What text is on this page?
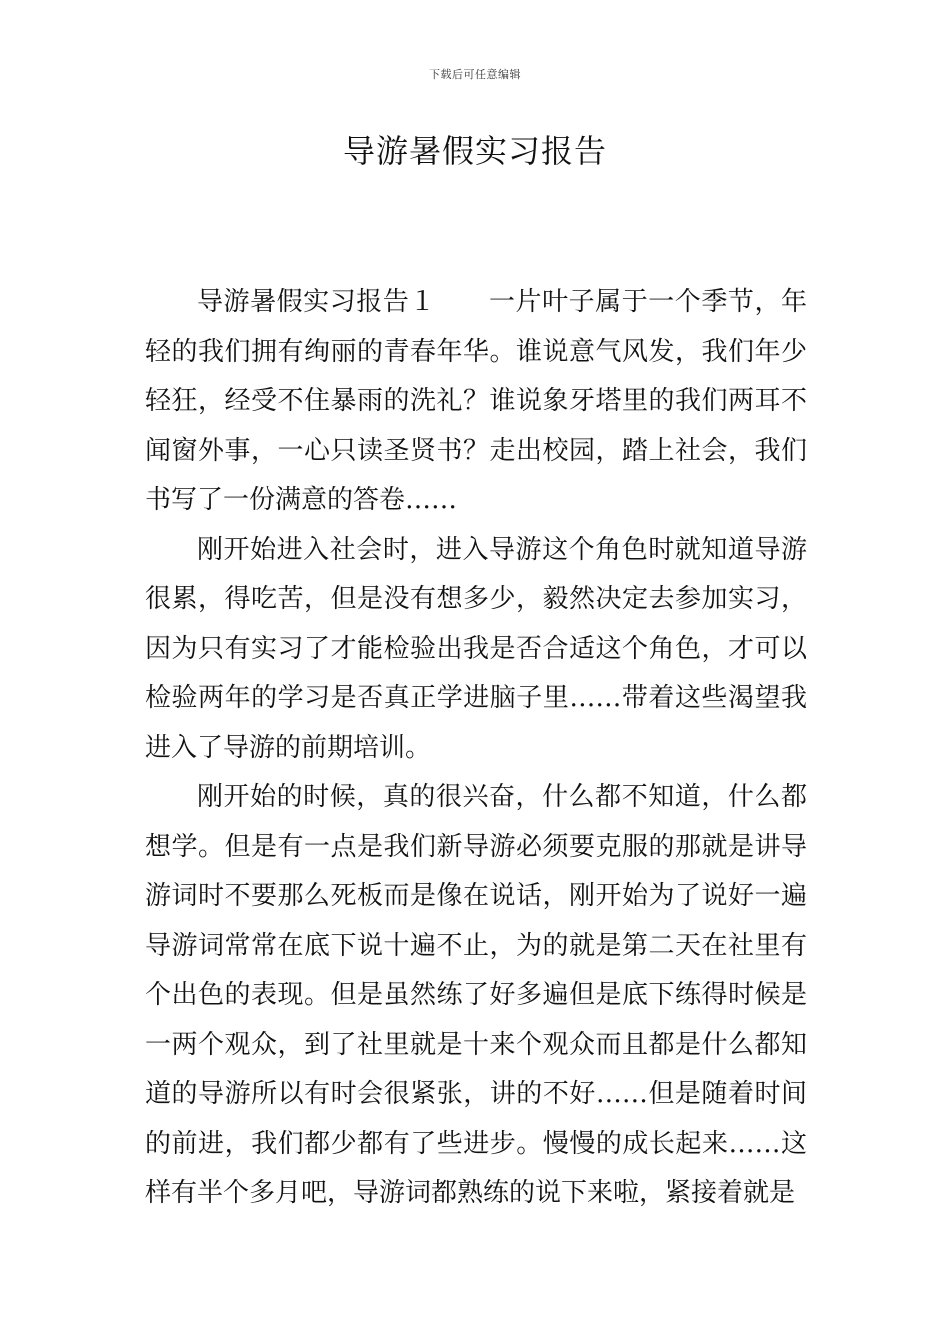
下载后可任意编辑
导游暑假实习报告

导游暑假实习报告１　　一片叶子属于一个季节，年轻的我们拥有绚丽的青春年华。谁说意气风发，我们年少轻狂，经受不住暴雨的洗礼？谁说象牙塔里的我们两耳不闻窗外事，一心只读圣贤书？走出校园，踏上社会，我们书写了一份满意的答卷……

刚开始进入社会时，进入导游这个角色时就知道导游很累，得吃苦，但是没有想多少，毅然决定去参加实习，因为只有实习了才能检验出我是否合适这个角色，才可以检验两年的学习是否真正学进脑子里……带着这些渴望我进入了导游的前期培训。

刚开始的时候，真的很兴奋，什么都不知道，什么都想学。但是有一点是我们新导游必须要克服的那就是讲导游词时不要那么死板而是像在说话，刚开始为了说好一遍导游词常常在底下说十遍不止，为的就是第二天在社里有个出色的表现。但是虽然练了好多遍但是底下练得时候是一两个观众，到了社里就是十来个观众而且都是什么都知道的导游所以有时会很紧张，讲的不好……但是随着时间的前进，我们都少都有了些进步。慢慢的成长起来……这样有半个多月吧，导游词都熟练的说下来啦，紧接着就是
